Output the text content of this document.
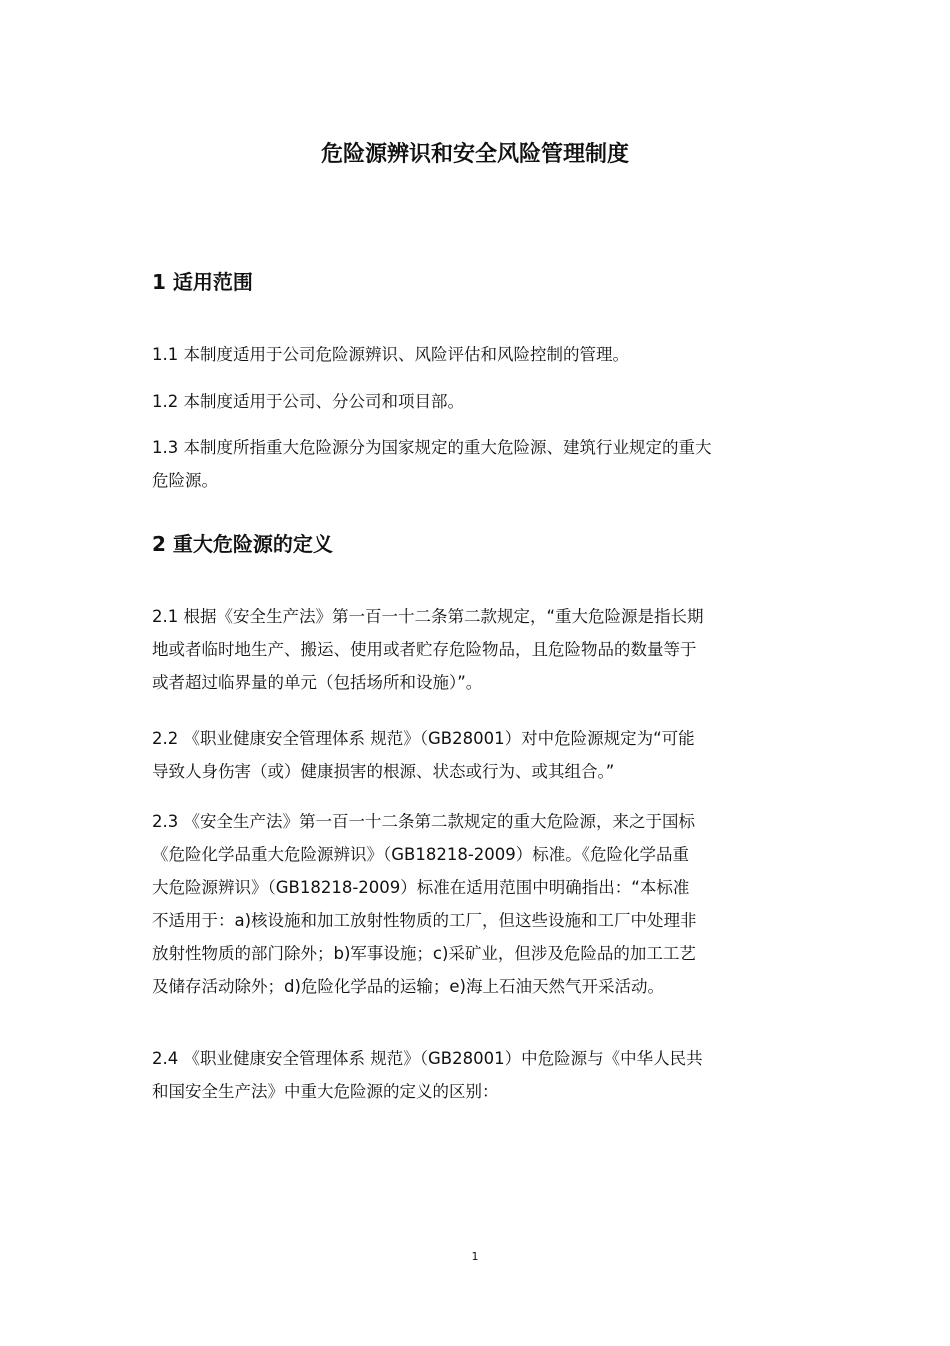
危险源辨识和安全风险管理制度
1 适用范围

1.1 本制度适用于公司危险源辨识、风险评估和风险控制的管理。

1.2 本制度适用于公司、分公司和项目部。

1.3 本制度所指重大危险源分为国家规定的重大危险源、建筑行业规定的重大
危险源。

2 重大危险源的定义

2.1 根据《安全生产法》第一百一十二条第二款规定，“重大危险源是指长期
地或者临时地生产、搬运、使用或者贮存危险物品，且危险物品的数量等于
或者超过临界量的单元（包括场所和设施）”。

2.2 《职业健康安全管理体系 规范》（GB28001）对中危险源规定为“可能
导致人身伤害（或）健康损害的根源、状态或行为、或其组合。”

2.3 《安全生产法》第一百一十二条第二款规定的重大危险源，来之于国标
《危险化学品重大危险源辨识》（GB18218-2009）标准。《危险化学品重
大危险源辨识》（GB18218-2009）标准在适用范围中明确指出：“本标准
不适用于：a)核设施和加工放射性物质的工厂，但这些设施和工厂中处理非
放射性物质的部门除外；b)军事设施；c)采矿业，但涉及危险品的加工工艺
及储存活动除外；d)危险化学品的运输；e)海上石油天然气开采活动。

2.4 《职业健康安全管理体系 规范》（GB28001）中危险源与《中华人民共
和国安全生产法》中重大危险源的定义的区别：

1
